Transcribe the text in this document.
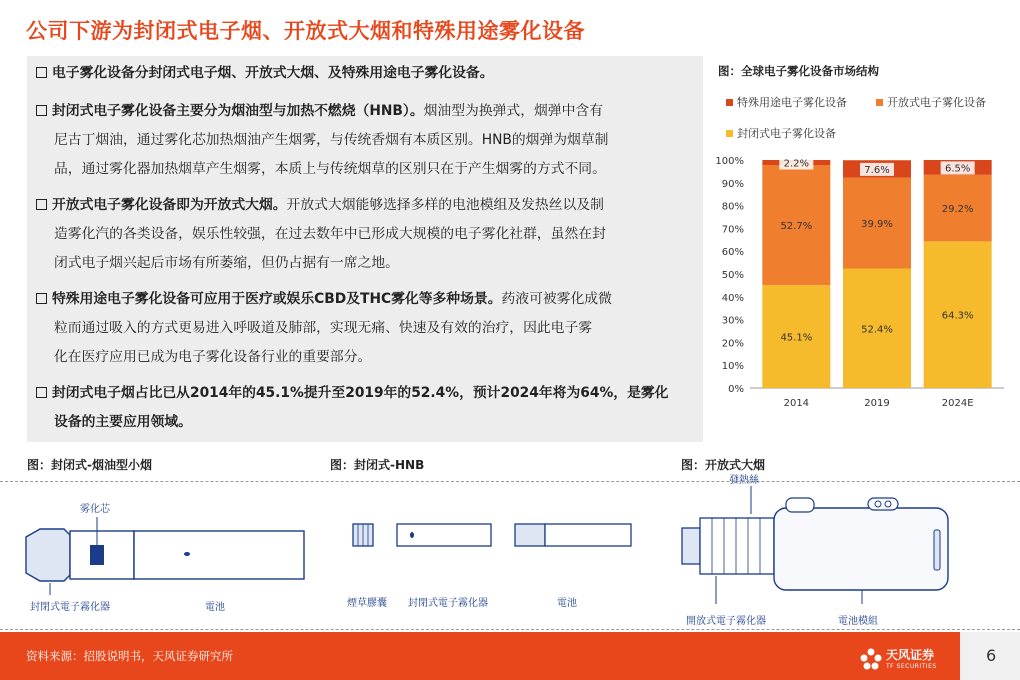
公司下游为封闭式电子烟、开放式大烟和特殊用途雾化设备
电子雾化设备分封闭式电子烟、开放式大烟、及特殊用途电子雾化设备。
封闭式电子雾化设备主要分为烟油型与加热不燃烧（HNB）。烟油型为换弹式，烟弹中含有
尼古丁烟油，通过雾化芯加热烟油产生烟雾，与传统香烟有本质区别。HNB的烟弹为烟草制
品，通过雾化器加热烟草产生烟雾，本质上与传统烟草的区别只在于产生烟雾的方式不同。
开放式电子雾化设备即为开放式大烟。开放式大烟能够选择多样的电池模组及发热丝以及制
造雾化汽的各类设备，娱乐性较强，在过去数年中已形成大规模的电子雾化社群，虽然在封
闭式电子烟兴起后市场有所萎缩，但仍占据有一席之地。
特殊用途电子雾化设备可应用于医疗或娱乐CBD及THC雾化等多种场景。药液可被雾化成微
粒而通过吸入的方式更易进入呼吸道及肺部，实现无痛、快速及有效的治疗，因此电子雾
化在医疗应用已成为电子雾化设备行业的重要部分。
封闭式电子烟占比已从2014年的45.1%提升至2019年的52.4%，预计2024年将为64%，是雾化
设备的主要应用领域。
图：全球电子雾化设备市场结构
特殊用途电子雾化设备	开放式电子雾化设备
封闭式电子雾化设备
0%
10%
20%
30%
40%
50%
60%
70%
80%
90%
100%
45.1%
52.7%
2.2%
2014
52.4%
39.9%
7.6%
2019
64.3%
29.2%
6.5%
2024E
图：封闭式-烟油型小烟	图：封闭式-HNB	图：开放式大烟
雾化芯
封閉式電子霧化器	電池	煙草膠囊 封閉式電子霧化器	電池
發熱絲
開放式電子霧化器	電池模組
资料来源：招股说明书，天风证券研究所	天风证券
TF SECURITIES
6
